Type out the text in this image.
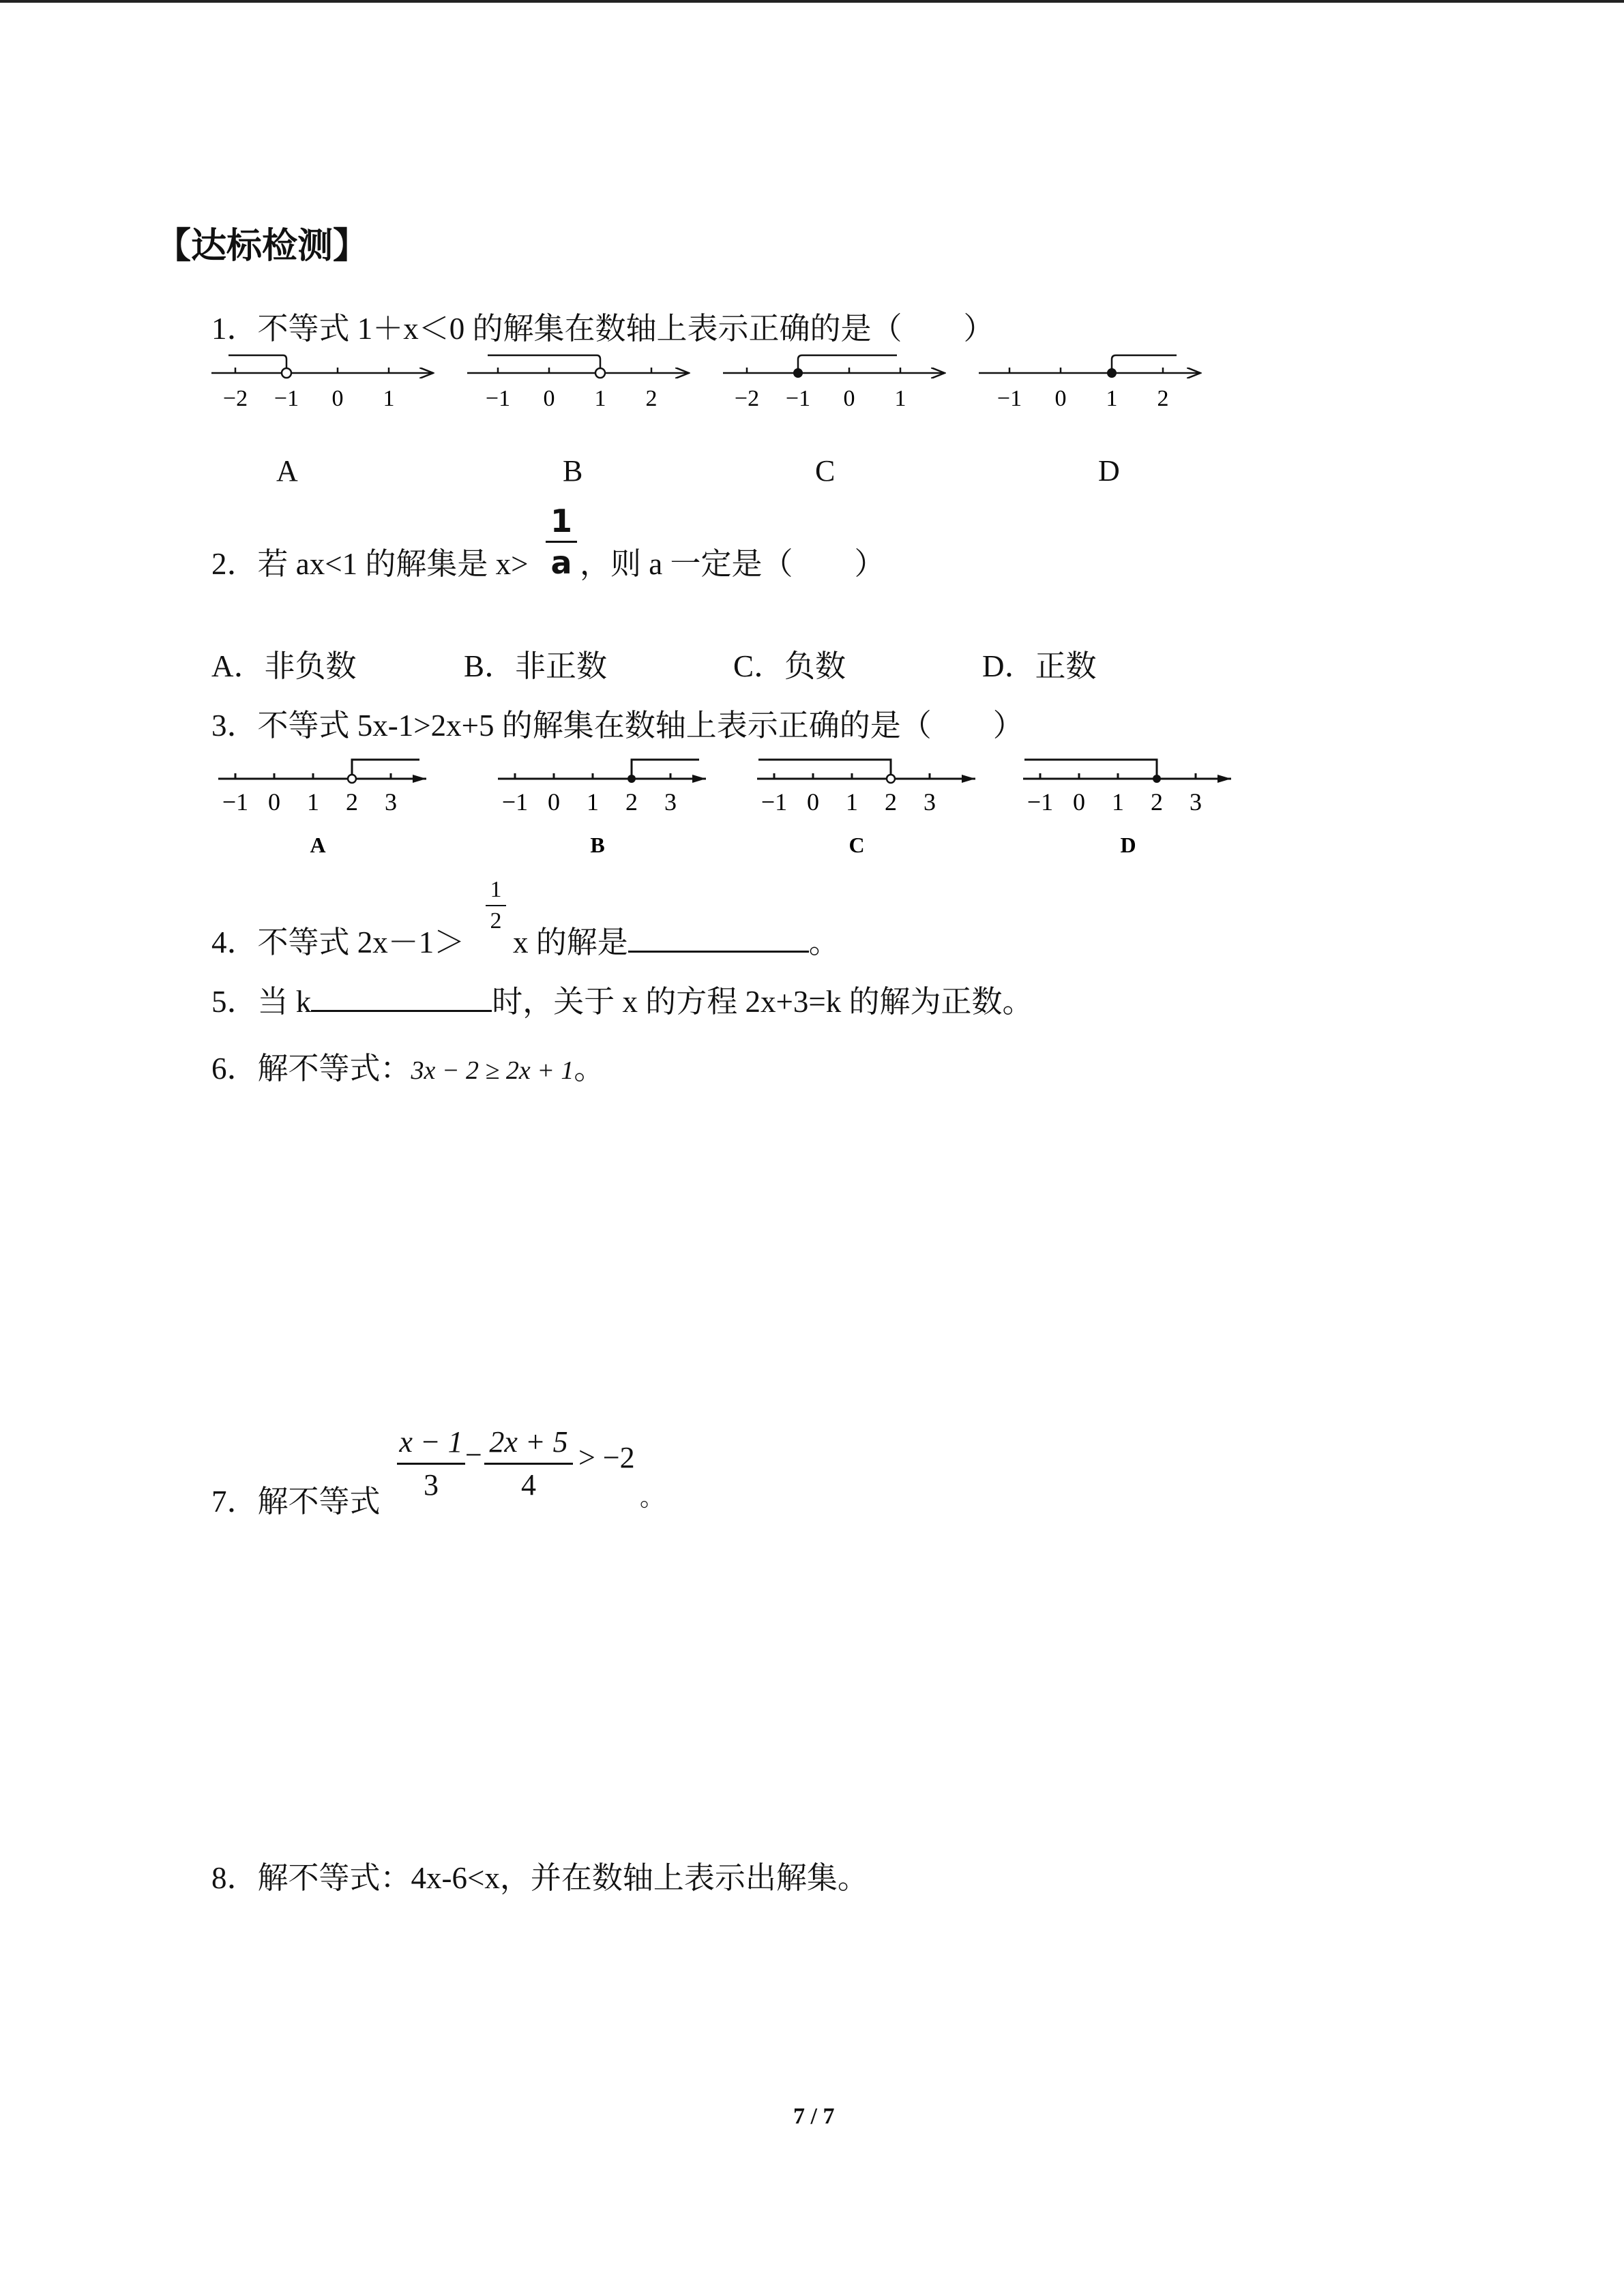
【达标检测】
1．不等式 1＋x＜0 的解集在数轴上表示正确的是（　　）
−2 −1 0 1	−1 0 1 2	−2 −1 0 1	−1 0 1 2
A	B	C	D
2．若 ax<1 的解集是 $x> \frac{1}{a}$ ，则 a 一定是（　　）
A．非负数	B．非正数	C．负数	D．正数
3．不等式 5x-1>2x+5 的解集在数轴上表示正确的是（　　）
−1 0 1 2 3
A
−1 0 1 2 3
B
−1 0 1 2 3
C
−1 0 1 2 3
D
4．不等式 2x－1＞
$\frac{1}{2}$
x 的解是	。
5．当 k	时，关于 x 的方程 2x+3=k 的解为正数。
6．解不等式：3x − 2 ≥ 2x + 1。
7．解不等式 $\frac{x - 1}{3} - \frac{2x + 5}{4} > -2$
。
8．解不等式：4x-6<x，并在数轴上表示出解集。
7 / 7
